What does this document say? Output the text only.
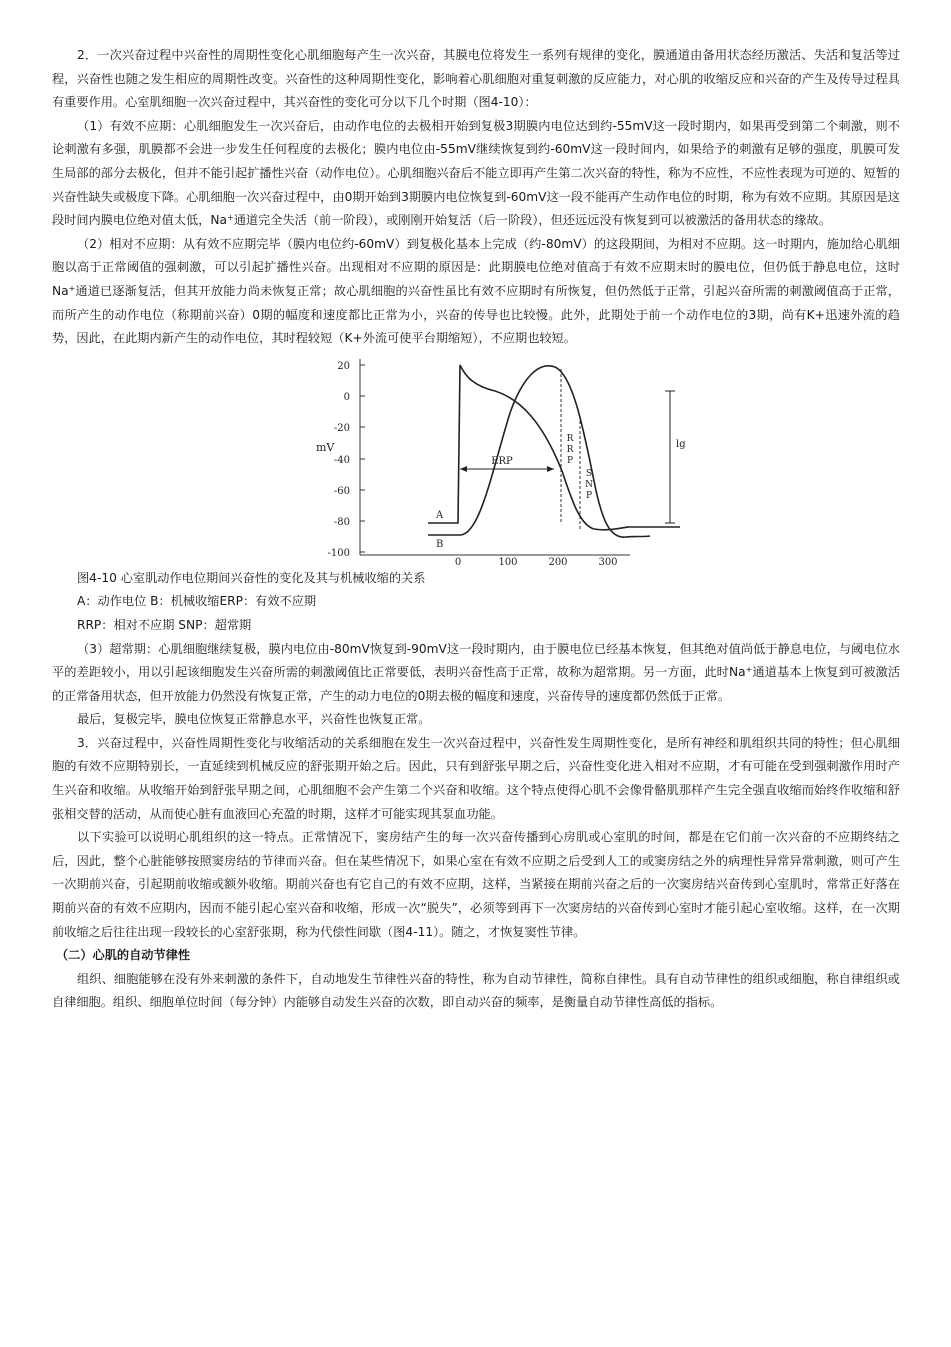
2．一次兴奋过程中兴奋性的周期性变化心肌细胞每产生一次兴奋，其膜电位将发生一系列有规律的变化，膜通道由备用状态经历激活、失活和复活等过程，兴奋性也随之发生相应的周期性改变。兴奋性的这种周期性变化，影响着心肌细胞对重复刺激的反应能力，对心肌的收缩反应和兴奋的产生及传导过程具有重要作用。心室肌细胞一次兴奋过程中，其兴奋性的变化可分以下几个时期（图4-10）：

（1）有效不应期：心肌细胞发生一次兴奋后，由动作电位的去极相开始到复极3期膜内电位达到约-55mV这一段时期内，如果再受到第二个刺激，则不论刺激有多强，肌膜都不会进一步发生任何程度的去极化；膜内电位由-55mV继续恢复到约-60mV这一段时间内，如果给予的刺激有足够的强度，肌膜可发生局部的部分去极化，但并不能引起扩播性兴奋（动作电位）。心肌细胞兴奋后不能立即再产生第二次兴奋的特性，称为不应性，不应性表现为可逆的、短暂的兴奋性缺失或极度下降。心肌细胞一次兴奋过程中，由0期开始到3期膜内电位恢复到-60mV这一段不能再产生动作电位的时期，称为有效不应期。其原因是这段时间内膜电位绝对值太低，Na+通道完全失活（前一阶段），或刚刚开始复活（后一阶段），但还远远没有恢复到可以被激活的备用状态的缘故。

（2）相对不应期：从有效不应期完毕（膜内电位约-60mV）到复极化基本上完成（约-80mV）的这段期间，为相对不应期。这一时期内，施加给心肌细胞以高于正常阈值的强刺激，可以引起扩播性兴奋。出现相对不应期的原因是：此期膜电位绝对值高于有效不应期末时的膜电位，但仍低于静息电位，这时Na+通道已逐渐复活，但其开放能力尚未恢复正常；故心肌细胞的兴奋性虽比有效不应期时有所恢复，但仍然低于正常，引起兴奋所需的刺激阈值高于正常，而所产生的动作电位（称期前兴奋）0期的幅度和速度都比正常为小，兴奋的传导也比较慢。此外，此期处于前一个动作电位的3期，尚有K+迅速外流的趋势，因此，在此期内新产生的动作电位，其时程较短（K+外流可使平台期缩短），不应期也较短。

20
0
-20
-40
-60
-80
-100
mV
0	100	200	300
ERP
R
R
P
S
N
P
lg
A
B

图4-10 心室肌动作电位期间兴奋性的变化及其与机械收缩的关系

A：动作电位 B：机械收缩ERP：有效不应期

RRP：相对不应期 SNP：超常期

（3）超常期：心肌细胞继续复极，膜内电位由-80mV恢复到-90mV这一段时期内，由于膜电位已经基本恢复，但其绝对值尚低于静息电位，与阈电位水平的差距较小，用以引起该细胞发生兴奋所需的刺激阈值比正常要低，表明兴奋性高于正常，故称为超常期。另一方面，此时Na+通道基本上恢复到可被激活的正常备用状态，但开放能力仍然没有恢复正常，产生的动力电位的0期去极的幅度和速度，兴奋传导的速度都仍然低于正常。

最后，复极完毕，膜电位恢复正常静息水平，兴奋性也恢复正常。

3．兴奋过程中，兴奋性周期性变化与收缩活动的关系细胞在发生一次兴奋过程中，兴奋性发生周期性变化，是所有神经和肌组织共同的特性；但心肌细胞的有效不应期特别长，一直延续到机械反应的舒张期开始之后。因此，只有到舒张早期之后，兴奋性变化进入相对不应期，才有可能在受到强刺激作用时产生兴奋和收缩。从收缩开始到舒张早期之间，心肌细胞不会产生第二个兴奋和收缩。这个特点使得心肌不会像骨骼肌那样产生完全强直收缩而始终作收缩和舒张相交替的活动，从而使心脏有血液回心充盈的时期，这样才可能实现其泵血功能。

以下实验可以说明心肌组织的这一特点。正常情况下，窦房结产生的每一次兴奋传播到心房肌或心室肌的时间，都是在它们前一次兴奋的不应期终结之后，因此，整个心脏能够按照窦房结的节律而兴奋。但在某些情况下，如果心室在有效不应期之后受到人工的或窦房结之外的病理性异常异常刺激，则可产生一次期前兴奋，引起期前收缩或额外收缩。期前兴奋也有它自己的有效不应期，这样，当紧接在期前兴奋之后的一次窦房结兴奋传到心室肌时，常常正好落在期前兴奋的有效不应期内，因而不能引起心室兴奋和收缩，形成一次“脱失”，必须等到再下一次窦房结的兴奋传到心室时才能引起心室收缩。这样，在一次期前收缩之后往往出现一段较长的心室舒张期，称为代偿性间歇（图4-11）。随之，才恢复窦性节律。

（二）心肌的自动节律性

组织、细胞能够在没有外来刺激的条件下，自动地发生节律性兴奋的特性，称为自动节律性，简称自律性。具有自动节律性的组织或细胞，称自律组织或自律细胞。组织、细胞单位时间（每分钟）内能够自动发生兴奋的次数，即自动兴奋的频率，是衡量自动节律性高低的指标。
